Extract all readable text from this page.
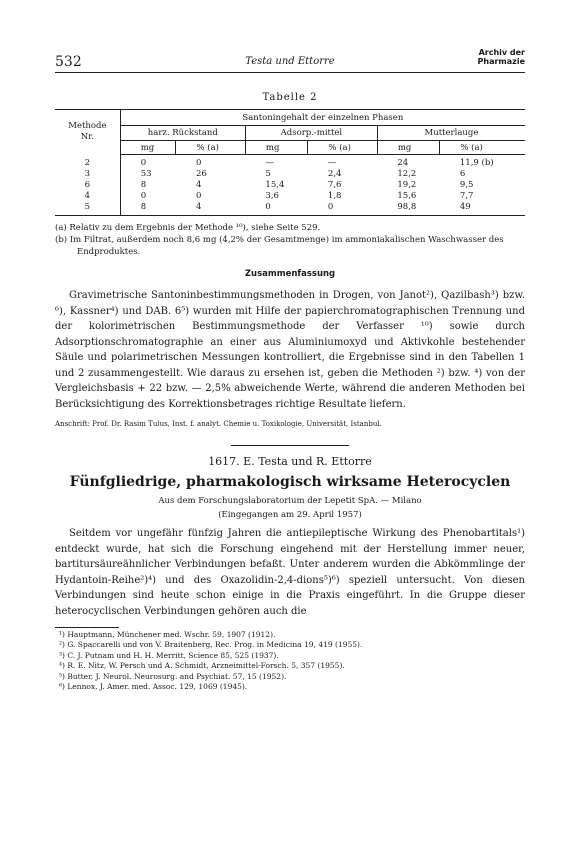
532	Testa und Ettorre
Archiv der
Pharmazie
Tabelle 2
Methode
Nr.	Santoningehalt der einzelnen Phasen					
	harz. Rückstand		Adsorp.-mittel		Mutterlauge	
	mg	% (a)	mg	% (a)	mg	% (a)
2	0	0	—	—	24	11,9 (b)
3	53	26	5	2,4	12,2	6
6	8	4	15,4	7,6	19,2	9,5
4	0	0	3,6	1,8	15,6	7,7
5	8	4	0	0	98,8	49
(a) Relativ zu dem Ergebnis der Methode ¹⁰), siehe Seite 529.
(b) Im Filtrat, außerdem noch 8,6 mg (4,2% der Gesamtmenge) im ammoniakalischen Waschwasser des Endproduktes.
Zusammenfassung

Gravimetrische Santoninbestimmungsmethoden in Drogen, von Janot²), Qazilbash³) bzw. ⁶), Kassner⁴) und DAB. 6⁵) wurden mit Hilfe der papierchromatographischen Trennung und der kolorimetrischen Bestimmungsmethode der Verfasser ¹⁰) sowie durch Adsorptionschromatographie an einer aus Aluminiumoxyd und Aktivkohle bestehender Säule und polarimetrischen Messungen kontrolliert, die Ergebnisse sind in den Tabellen 1 und 2 zusammengestellt. Wie daraus zu ersehen ist, geben die Methoden ²) bzw. ⁴) von der Vergleichsbasis + 22 bzw. — 2,5% abweichende Werte, während die anderen Methoden bei Berücksichtigung des Korrektionsbetrages richtige Resultate liefern.

Anschrift: Prof. Dr. Rasim Tulus, Inst. f. analyt. Chemie u. Toxikologie, Universität, Istanbul.
1617. E. Testa und R. Ettorre
Fünfgliedrige, pharmakologisch wirksame Heterocyclen
Aus dem Forschungslaboratorium der Lepetit SpA. — Milano
(Eingegangen am 29. April 1957)

Seitdem vor ungefähr fünfzig Jahren die antiepileptische Wirkung des Phenobartitals¹) entdeckt wurde, hat sich die Forschung eingehend mit der Herstellung immer neuer, bartitursäureähnlicher Verbindungen befaßt. Unter anderem wurden die Abkömmlinge der Hydantoin-Reihe²)⁴) und des Oxazolidin-2,4-dions⁵)⁶) speziell untersucht. Von diesen Verbindungen sind heute schon einige in die Praxis eingeführt. In die Gruppe dieser heterocyclischen Verbindungen gehören auch die

¹) Hauptmann, Münchener med. Wschr. 59, 1907 (1912).
²) G. Spaccarelli und von V. Braitenberg, Rec. Prog. in Medicina 19, 419 (1955).
³) C. J. Putnam und H. H. Merritt, Science 85, 525 (1937).
⁴) R. E. Nitz, W. Persch und A. Schmidt, Arzneimittel-Forsch. 5, 357 (1955).
⁵) Butter, J. Neurol. Neurosurg. and Psychiat. 57, 15 (1952).
⁶) Lennox, J. Amer. med. Assoc. 129, 1069 (1945).
